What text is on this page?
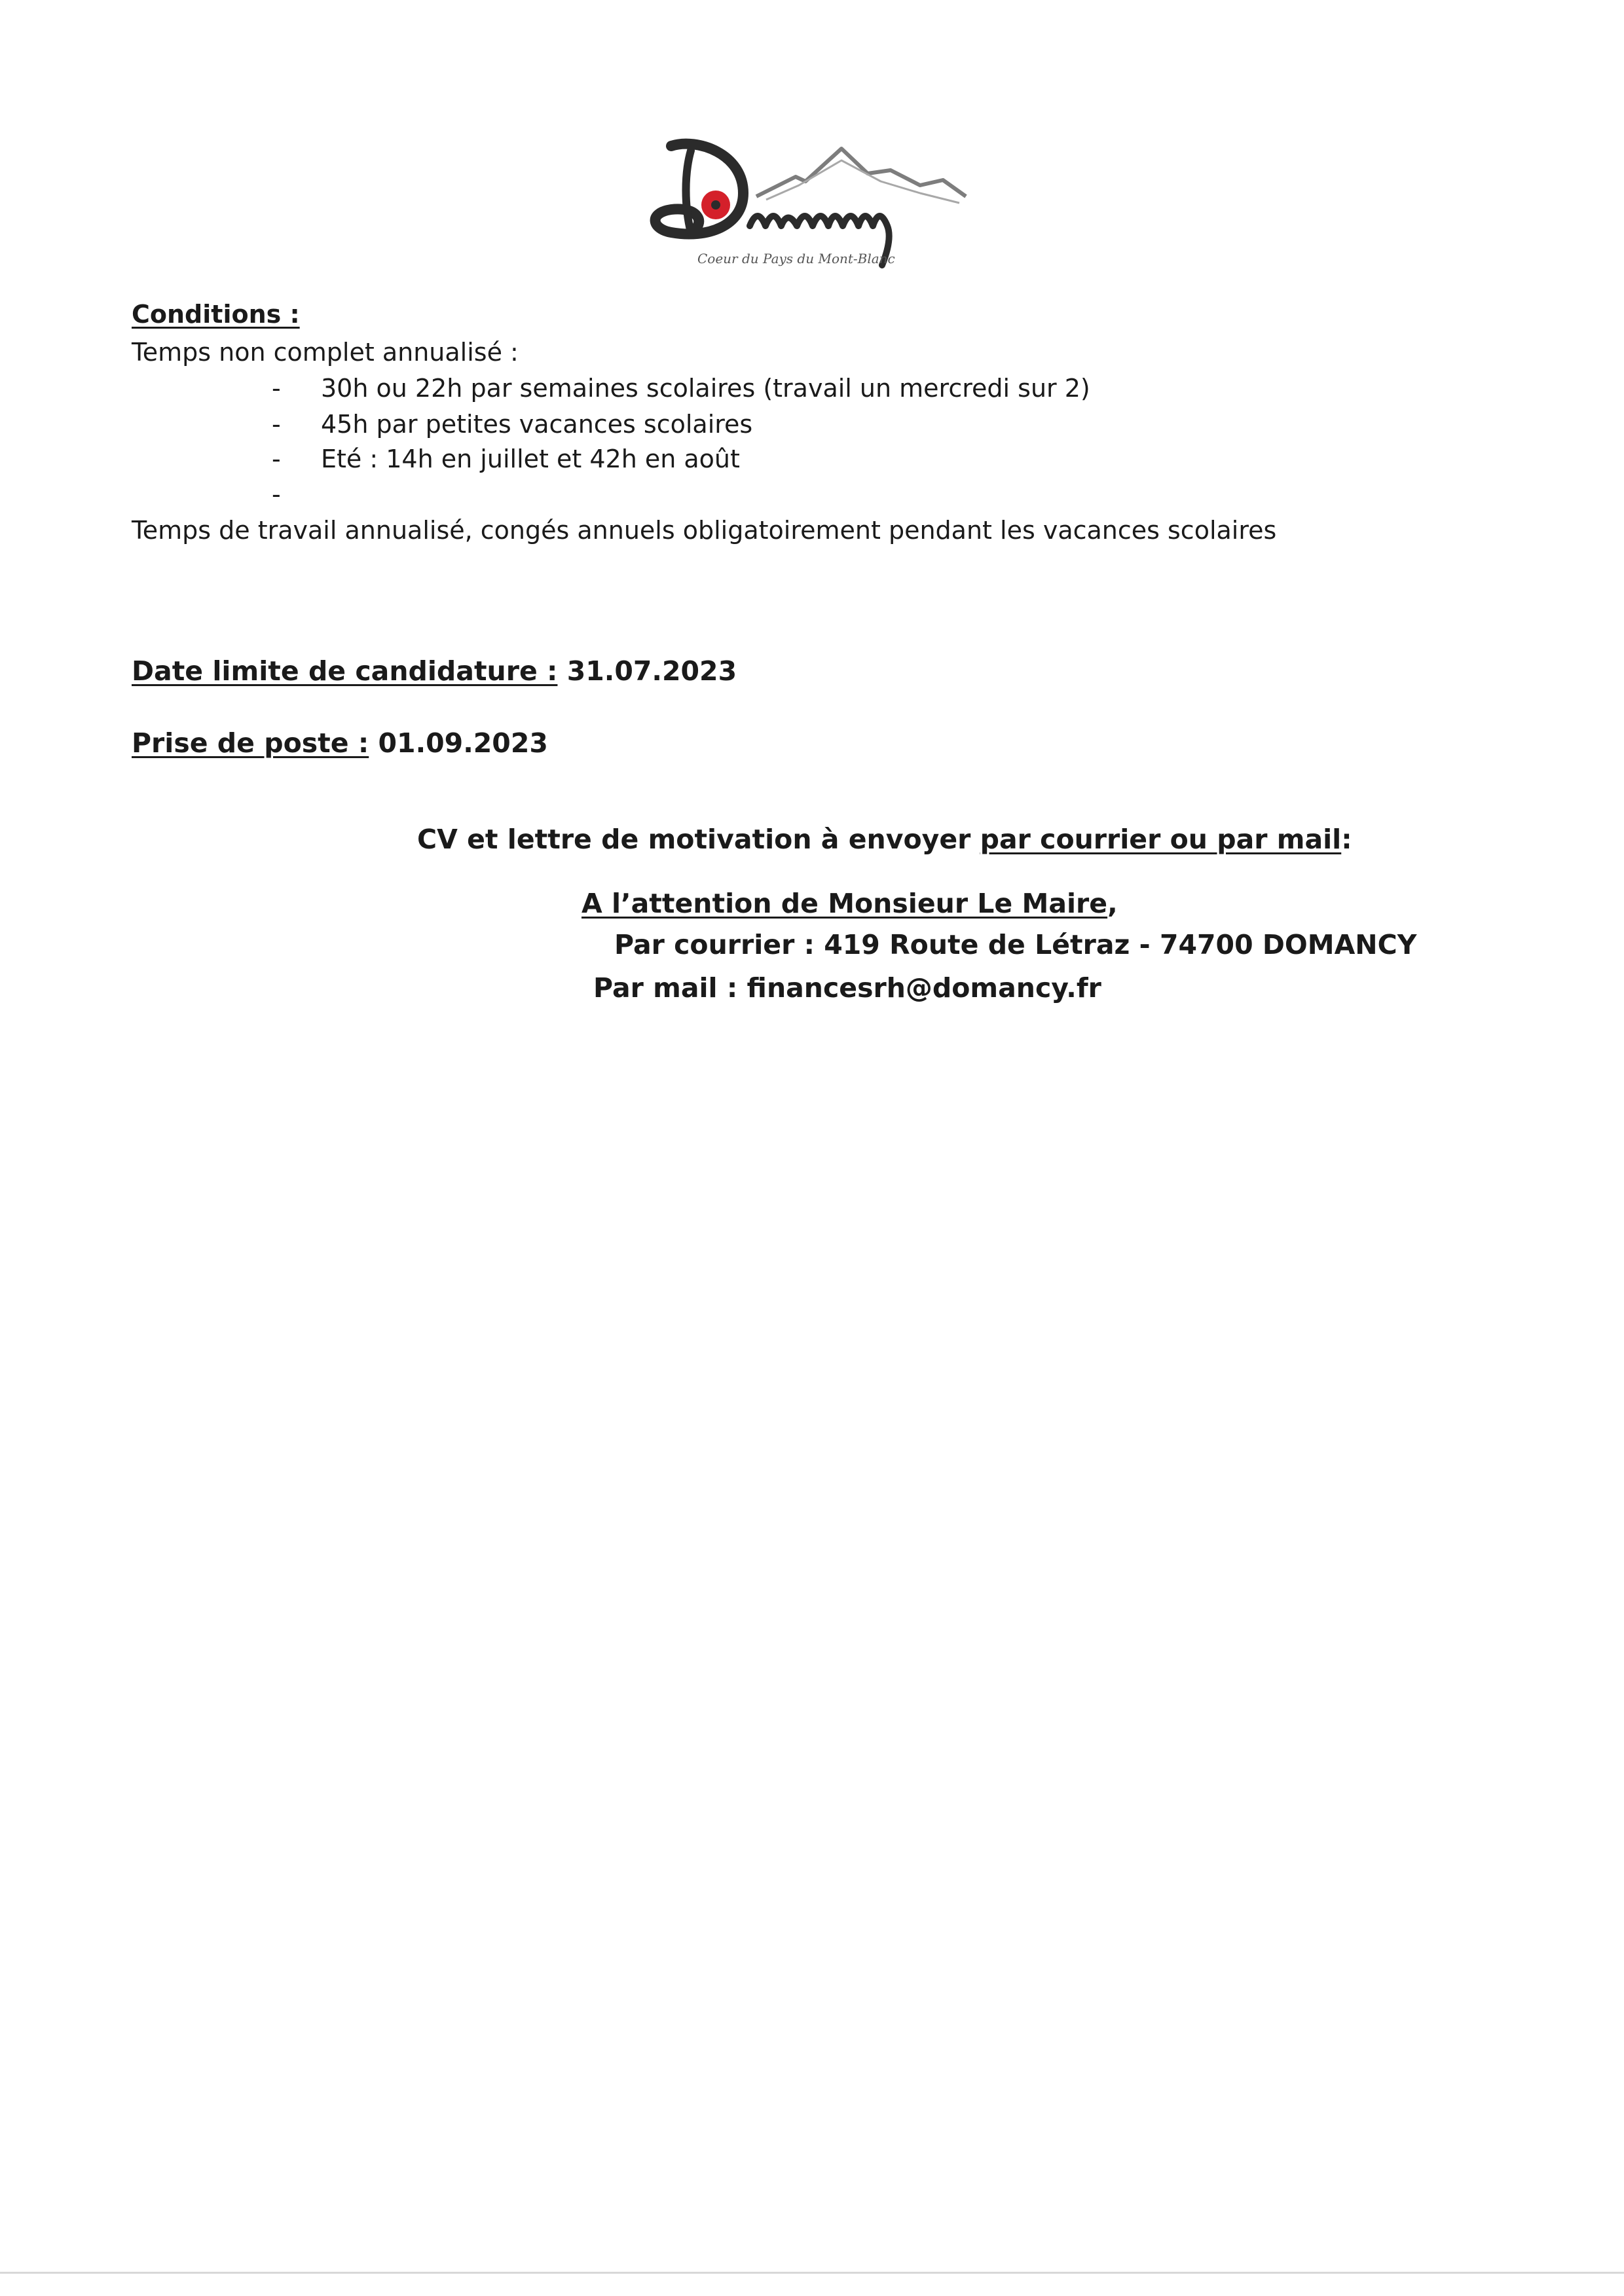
Coeur du Pays du Mont-Blanc
Conditions :
Temps non complet annualisé :
- 30h ou 22h par semaines scolaires (travail un mercredi sur 2)
- 45h par petites vacances scolaires
- Eté : 14h en juillet et 42h en août
-
Temps de travail annualisé, congés annuels obligatoirement pendant les vacances scolaires
Date limite de candidature : 31.07.2023
Prise de poste : 01.09.2023
CV et lettre de motivation à envoyer par courrier ou par mail:
A l’attention de Monsieur Le Maire,
Par courrier : 419 Route de Létraz - 74700 DOMANCY
Par mail : financesrh@domancy.fr
